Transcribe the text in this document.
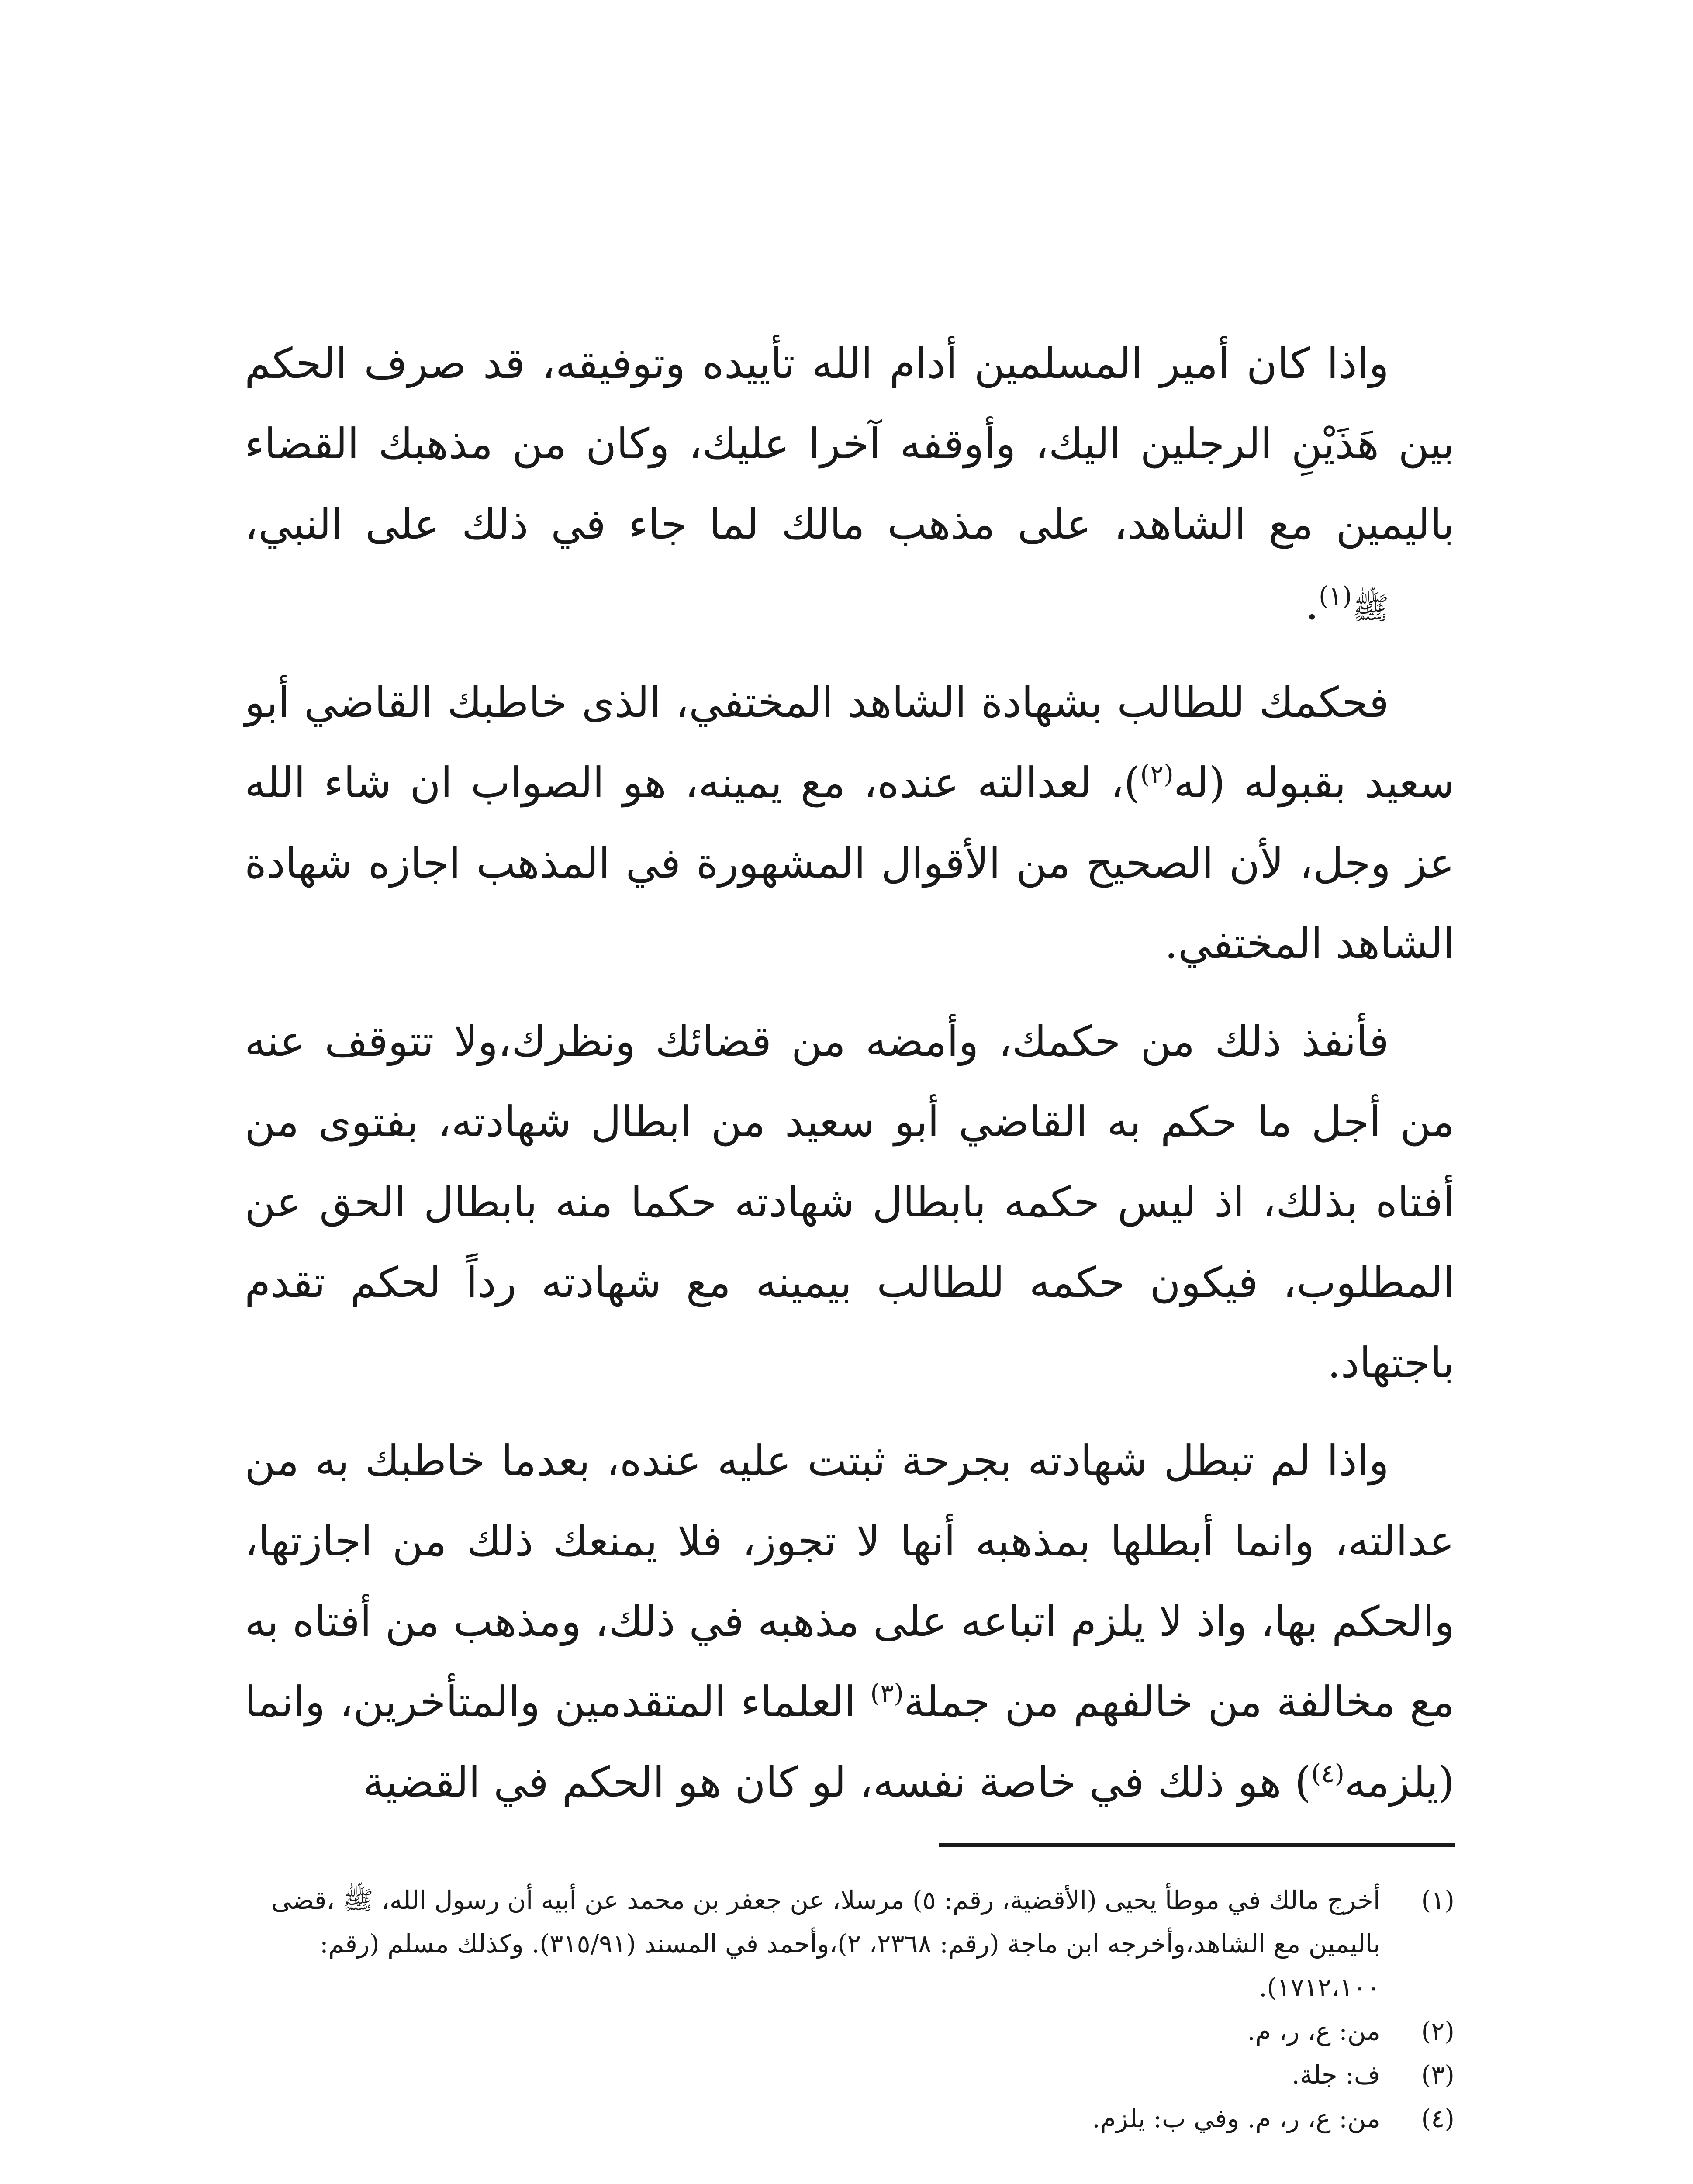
واذا كان أمير المسلمين أدام الله تأييده وتوفيقه، قد صرف الحكم بين هَذَيْنِ الرجلين اليك، وأوقفه آخرا عليك، وكان من مذهبك القضاء باليمين مع الشاهد، على مذهب مالك لما جاء في ذلك على النبي، ﷺ$^{(١)}$.

فحكمك للطالب بشهادة الشاهد المختفي، الذى خاطبك القاضي أبو سعيد بقبوله (له$^{(٢)}$)، لعدالته عنده، مع يمينه، هو الصواب ان شاء الله عز وجل، لأن الصحيح من الأقوال المشهورة في المذهب اجازه شهادة الشاهد المختفي.

فأنفذ ذلك من حكمك، وأمضه من قضائك ونظرك،ولا تتوقف عنه من أجل ما حكم به القاضي أبو سعيد من ابطال شهادته، بفتوى من أفتاه بذلك، اذ ليس حكمه بابطال شهادته حكما منه بابطال الحق عن المطلوب، فيكون حكمه للطالب بيمينه مع شهادته رداً لحكم تقدم باجتهاد.

واذا لم تبطل شهادته بجرحة ثبتت عليه عنده، بعدما خاطبك به من عدالته، وانما أبطلها بمذهبه أنها لا تجوز، فلا يمنعك ذلك من اجازتها، والحكم بها، واذ لا يلزم اتباعه على مذهبه في ذلك، ومذهب من أفتاه به مع مخالفة من خالفهم من جملة$^{(٣)}$ العلماء المتقدمين والمتأخرين، وانما (يلزمه$^{(٤)}$) هو ذلك في خاصة نفسه، لو كان هو الحكم في القضية

(١)
أخرج مالك في موطأ يحيى (الأقضية، رقم: ٥) مرسلا، عن جعفر بن محمد عن أبيه أن رسول الله، ﷺ ،قضى باليمين مع الشاهد،وأخرجه ابن ماجة (رقم: ٢٣٦٨، ٢)،وأحمد في المسند (٣١٥/٩١). وكذلك مسلم (رقم: ١٧١٢،١٠٠).
(٢)
من: ع، ر، م.
(٣)
ف: جلة.
(٤)
من: ع، ر، م. وفي ب: يلزم.
